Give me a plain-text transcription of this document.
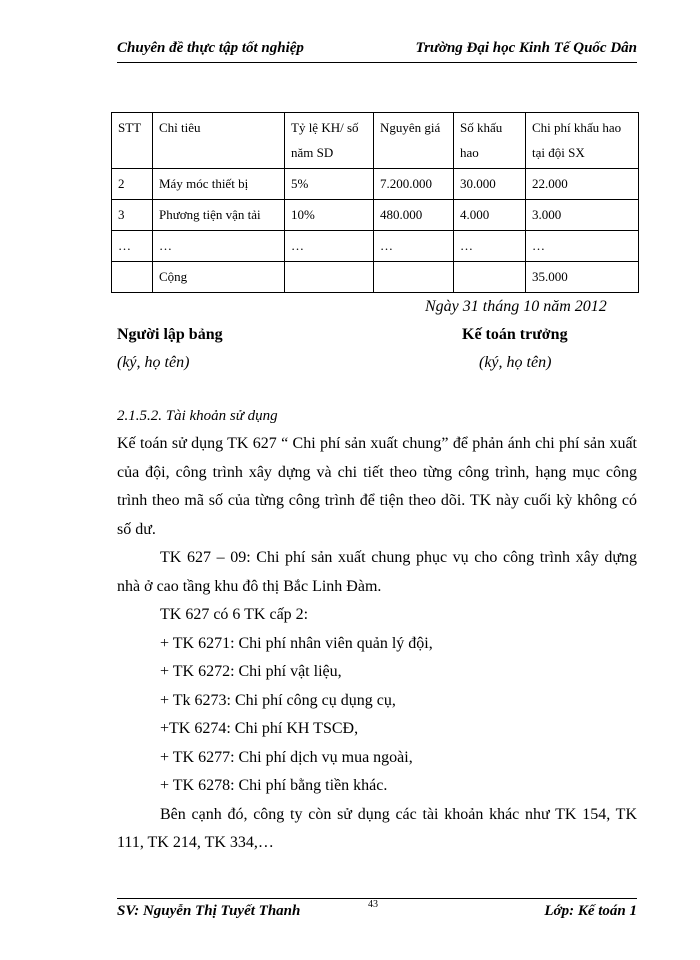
Chuyên đề thực tập tốt nghiệp	Trường Đại học Kinh Tế Quốc Dân
STT	Chỉ tiêu	Tỷ lệ KH/ số năm SD	Nguyên giá	Số khấu hao	Chi phí khấu hao tại đội SX
2	Máy móc thiết bị	5%	7.200.000	30.000	22.000
3	Phương tiện vận tải	10%	480.000	4.000	3.000
…	…	…	…	…	…
	Cộng				35.000
Ngày 31 tháng 10 năm 2012
Người lập bảng	Kế toán trưởng
(ký, họ tên)	(ký, họ tên)
2.1.5.2. Tài khoản sử dụng

Kế toán sử dụng TK 627 “ Chi phí sản xuất chung” để phản ánh chi phí sản xuất của đội, công trình xây dựng và chi tiết theo từng công trình, hạng mục công trình theo mã số của từng công trình để tiện theo dõi. TK này cuối kỳ không có số dư.

TK 627 – 09: Chi phí sản xuất chung phục vụ cho công trình xây dựng nhà ở cao tầng khu đô thị Bắc Linh Đàm.

TK 627 có 6 TK cấp 2:

+ TK 6271: Chi phí nhân viên quản lý đội,

+ TK 6272: Chi phí vật liệu,

+ Tk 6273: Chi phí công cụ dụng cụ,

+TK 6274: Chi phí KH TSCĐ,

+ TK 6277: Chi phí dịch vụ mua ngoài,

+ TK 6278: Chi phí bằng tiền khác.

Bên cạnh đó, công ty còn sử dụng các tài khoản khác như TK 154, TK 111, TK 214, TK 334,…

SV: Nguyễn Thị Tuyết Thanh	43	Lớp: Kế toán 1
